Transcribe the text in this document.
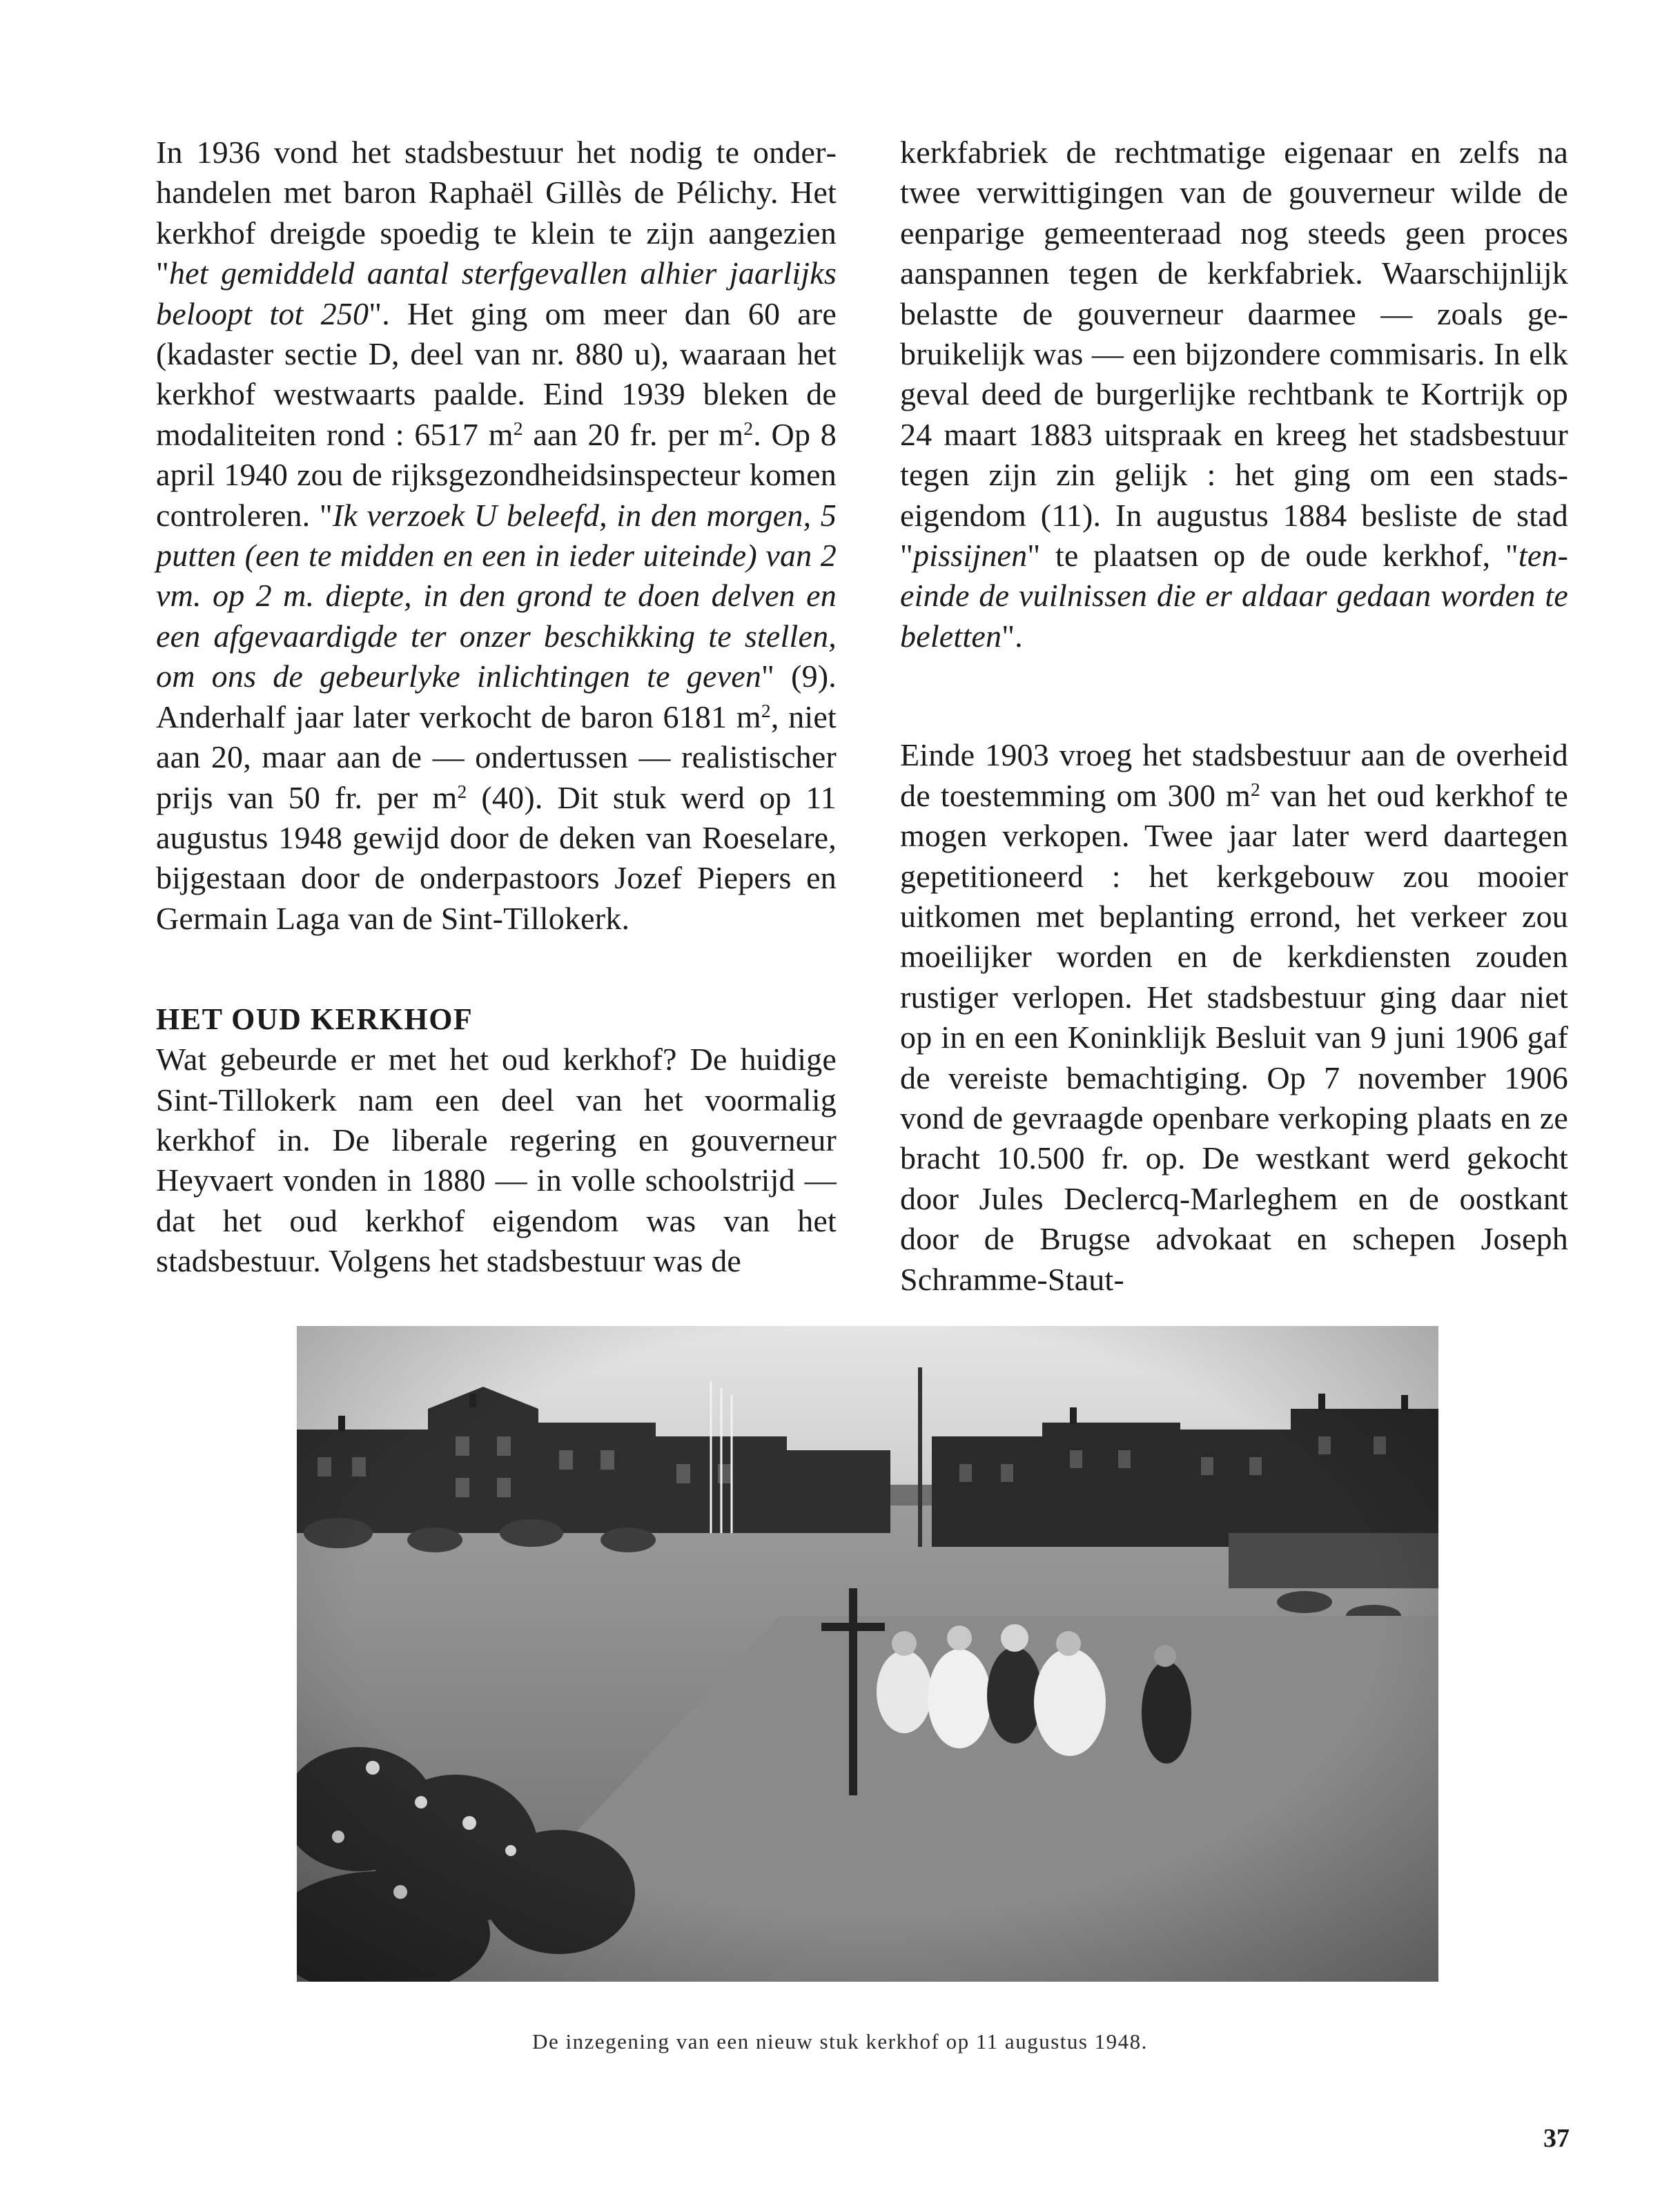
In 1936 vond het stadsbestuur het nodig te onderhandelen met baron Raphaël Gillès de Pélichy. Het kerkhof dreigde spoedig te klein te zijn aangezien "het gemiddeld aantal sterfgevallen alhier jaarlijks beloopt tot 250". Het ging om meer dan 60 are (kadaster sectie D, deel van nr. 880 u), waaraan het kerkhof westwaarts paalde. Eind 1939 bleken de modaliteiten rond : 6517 $m^2$ aan 20 fr. per $m^2$. Op 8 april 1940 zou de rijksgezondheidsinspecteur komen controleren. "Ik verzoek U beleefd, in den morgen, 5 putten (een te midden en een in ieder uiteinde) van 2 vm. op 2 m. diepte, in den grond te doen delven en een afgevaardigde ter onzer beschikking te stellen, om ons de gebeurlyke inlichtingen te geven" (9). Anderhalf jaar later verkocht de baron 6181 $m^2$, niet aan 20, maar aan de — ondertussen — realistischer prijs van 50 fr. per $m^2$ (40). Dit stuk werd op 11 augustus 1948 gewijd door de deken van Roeselare, bijgestaan door de onderpastoors Jozef Piepers en Germain Laga van de Sint-Tillokerk.

HET OUD KERKHOF

Wat gebeurde er met het oud kerkhof? De huidige Sint-Tillokerk nam een deel van het voormalig kerkhof in. De liberale regering en gouverneur Heyvaert vonden in 1880 — in volle schoolstrijd — dat het oud kerkhof eigendom was van het stadsbestuur. Volgens het stadsbestuur was de

kerkfabriek de rechtmatige eigenaar en zelfs na twee verwittigingen van de gouverneur wilde de eenparige gemeenteraad nog steeds geen proces aanspannen tegen de kerkfabriek. Waarschijnlijk belastte de gouverneur daarmee — zoals gebruikelijk was — een bijzondere commisaris. In elk geval deed de burgerlijke rechtbank te Kortrijk op 24 maart 1883 uitspraak en kreeg het stadsbestuur tegen zijn zin gelijk : het ging om een stadseigendom (11). In augustus 1884 besliste de stad "pissijnen" te plaatsen op de oude kerkhof, "teneinde de vuilnissen die er aldaar gedaan worden te beletten".

Einde 1903 vroeg het stadsbestuur aan de overheid de toestemming om 300 $m^2$ van het oud kerkhof te mogen verkopen. Twee jaar later werd daartegen gepetitioneerd : het kerkgebouw zou mooier uitkomen met beplanting errond, het verkeer zou moeilijker worden en de kerkdiensten zouden rustiger verlopen. Het stadsbestuur ging daar niet op in en een Koninklijk Besluit van 9 juni 1906 gaf de vereiste bemachtiging. Op 7 november 1906 vond de gevraagde openbare verkoping plaats en ze bracht 10.500 fr. op. De westkant werd gekocht door Jules Declercq-Marleghem en de oostkant door de Brugse advokaat en schepen Joseph Schramme-Staut-

De inzegening van een nieuw stuk kerkhof op 11 augustus 1948.
37
